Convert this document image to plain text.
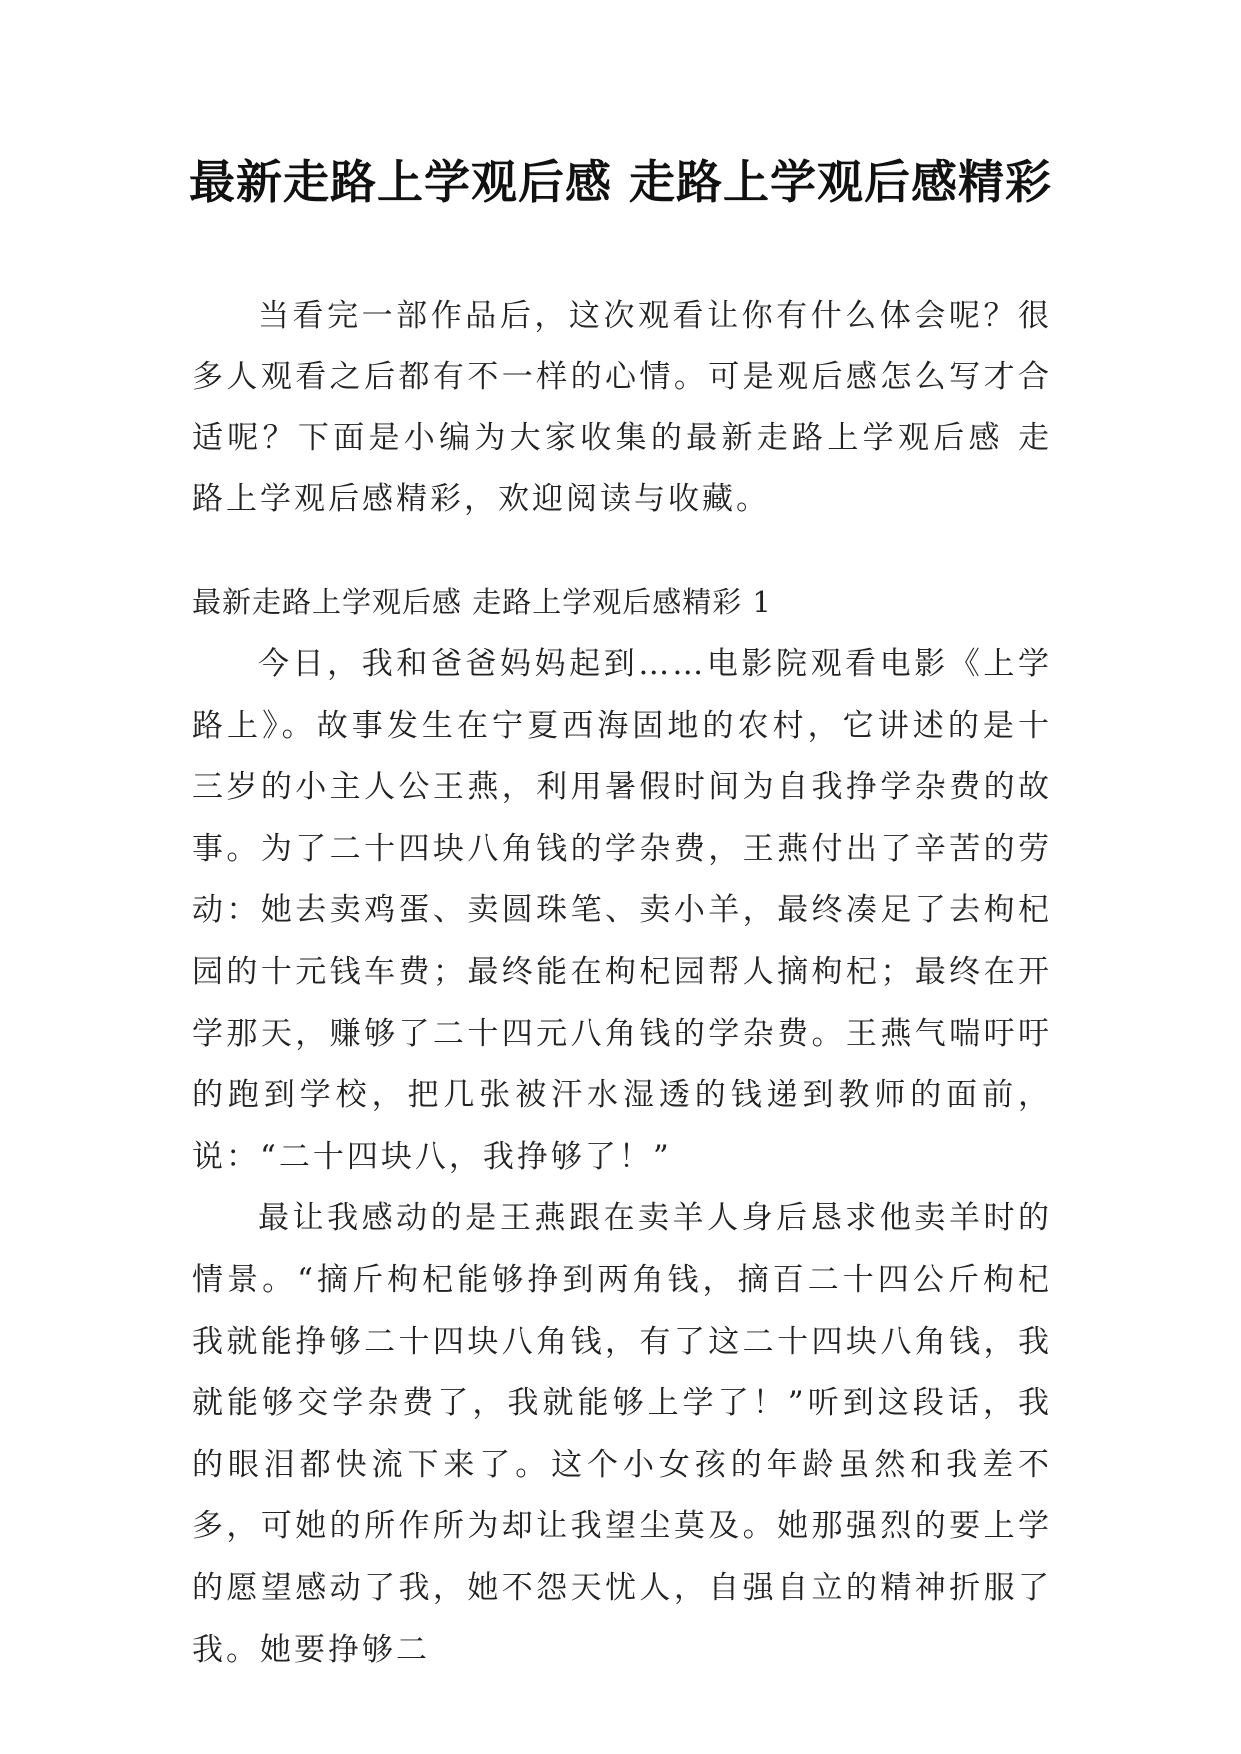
最新走路上学观后感 走路上学观后感精彩

当看完一部作品后，这次观看让你有什么体会呢？很多人观看之后都有不一样的心情。可是观后感怎么写才合适呢？下面是小编为大家收集的最新走路上学观后感 走路上学观后感精彩，欢迎阅读与收藏。

最新走路上学观后感 走路上学观后感精彩 1

今日，我和爸爸妈妈起到……电影院观看电影《上学路上》。故事发生在宁夏西海固地的农村，它讲述的是十三岁的小主人公王燕，利用暑假时间为自我挣学杂费的故事。为了二十四块八角钱的学杂费，王燕付出了辛苦的劳动：她去卖鸡蛋、卖圆珠笔、卖小羊，最终凑足了去枸杞园的十元钱车费；最终能在枸杞园帮人摘枸杞；最终在开学那天，赚够了二十四元八角钱的学杂费。王燕气喘吁吁的跑到学校，把几张被汗水湿透的钱递到教师的面前，说：“二十四块八，我挣够了！”

最让我感动的是王燕跟在卖羊人身后恳求他卖羊时的情景。“摘斤枸杞能够挣到两角钱，摘百二十四公斤枸杞我就能挣够二十四块八角钱，有了这二十四块八角钱，我就能够交学杂费了，我就能够上学了！”听到这段话，我的眼泪都快流下来了。这个小女孩的年龄虽然和我差不多，可她的所作所为却让我望尘莫及。她那强烈的要上学的愿望感动了我，她不怨天忧人，自强自立的精神折服了我。她要挣够二
